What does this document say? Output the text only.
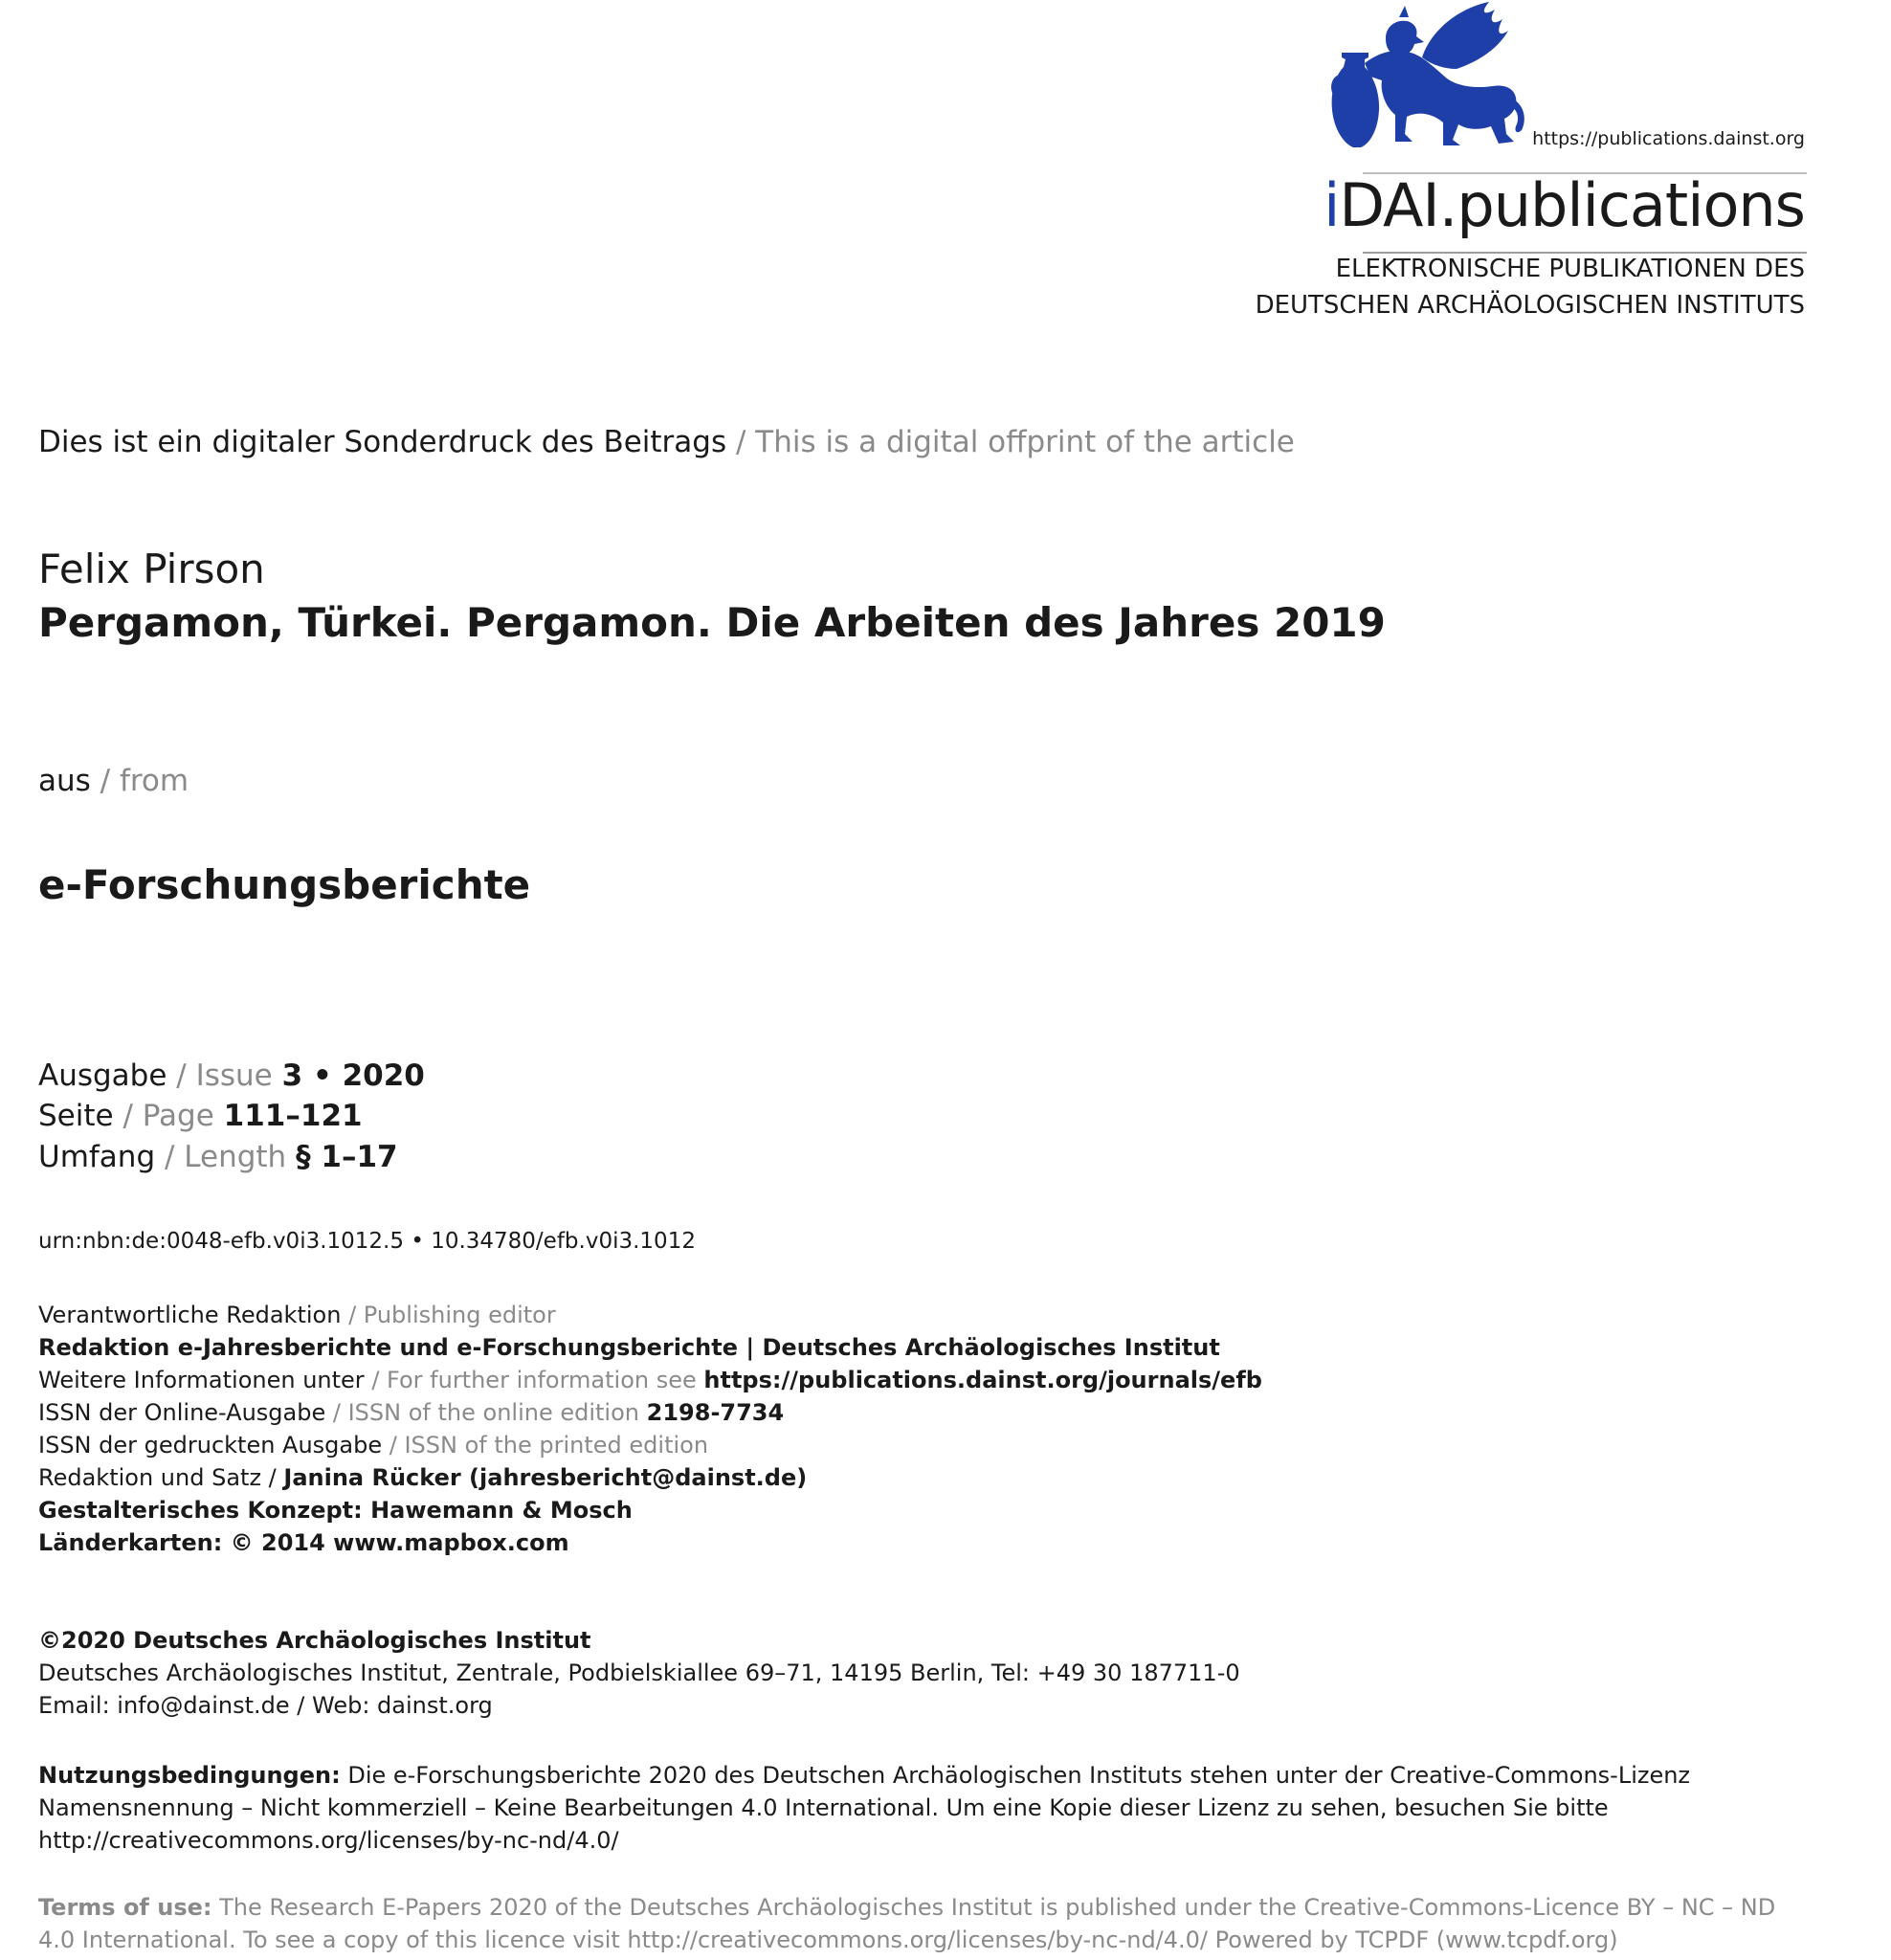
https://publications.dainst.org
iDAI.publications
ELEKTRONISCHE PUBLIKATIONEN DES
DEUTSCHEN ARCHÄOLOGISCHEN INSTITUTS
Dies ist ein digitaler Sonderdruck des Beitrags / This is a digital offprint of the article
Felix Pirson
Pergamon, Türkei. Pergamon. Die Arbeiten des Jahres 2019
aus / from
e-Forschungsberichte
Ausgabe / Issue 3 • 2020
Seite / Page 111–121
Umfang / Length § 1–17
urn:nbn:de:0048-efb.v0i3.1012.5 • 10.34780/efb.v0i3.1012
Verantwortliche Redaktion / Publishing editor
Redaktion e-Jahresberichte und e-Forschungsberichte | Deutsches Archäologisches Institut
Weitere Informationen unter / For further information see https://publications.dainst.org/journals/efb
ISSN der Online-Ausgabe / ISSN of the online edition 2198-7734
ISSN der gedruckten Ausgabe / ISSN of the printed edition
Redaktion und Satz / Janina Rücker (jahresbericht@dainst.de)
Gestalterisches Konzept: Hawemann & Mosch
Länderkarten: © 2014 www.mapbox.com
©2020 Deutsches Archäologisches Institut
Deutsches Archäologisches Institut, Zentrale, Podbielskiallee 69–71, 14195 Berlin, Tel: +49 30 187711-0
Email: info@dainst.de / Web: dainst.org
Nutzungsbedingungen: Die e-Forschungsberichte 2020 des Deutschen Archäologischen Instituts stehen unter der Creative-Commons-Lizenz Namensnennung – Nicht kommerziell – Keine Bearbeitungen 4.0 International. Um eine Kopie dieser Lizenz zu sehen, besuchen Sie bitte http://creativecommons.org/licenses/by-nc-nd/4.0/
Terms of use: The Research E-Papers 2020 of the Deutsches Archäologisches Institut is published under the Creative-Commons-Licence BY – NC – ND 4.0 International. To see a copy of this licence visit http://creativecommons.org/licenses/by-nc-nd/4.0/ Powered by TCPDF (www.tcpdf.org)
